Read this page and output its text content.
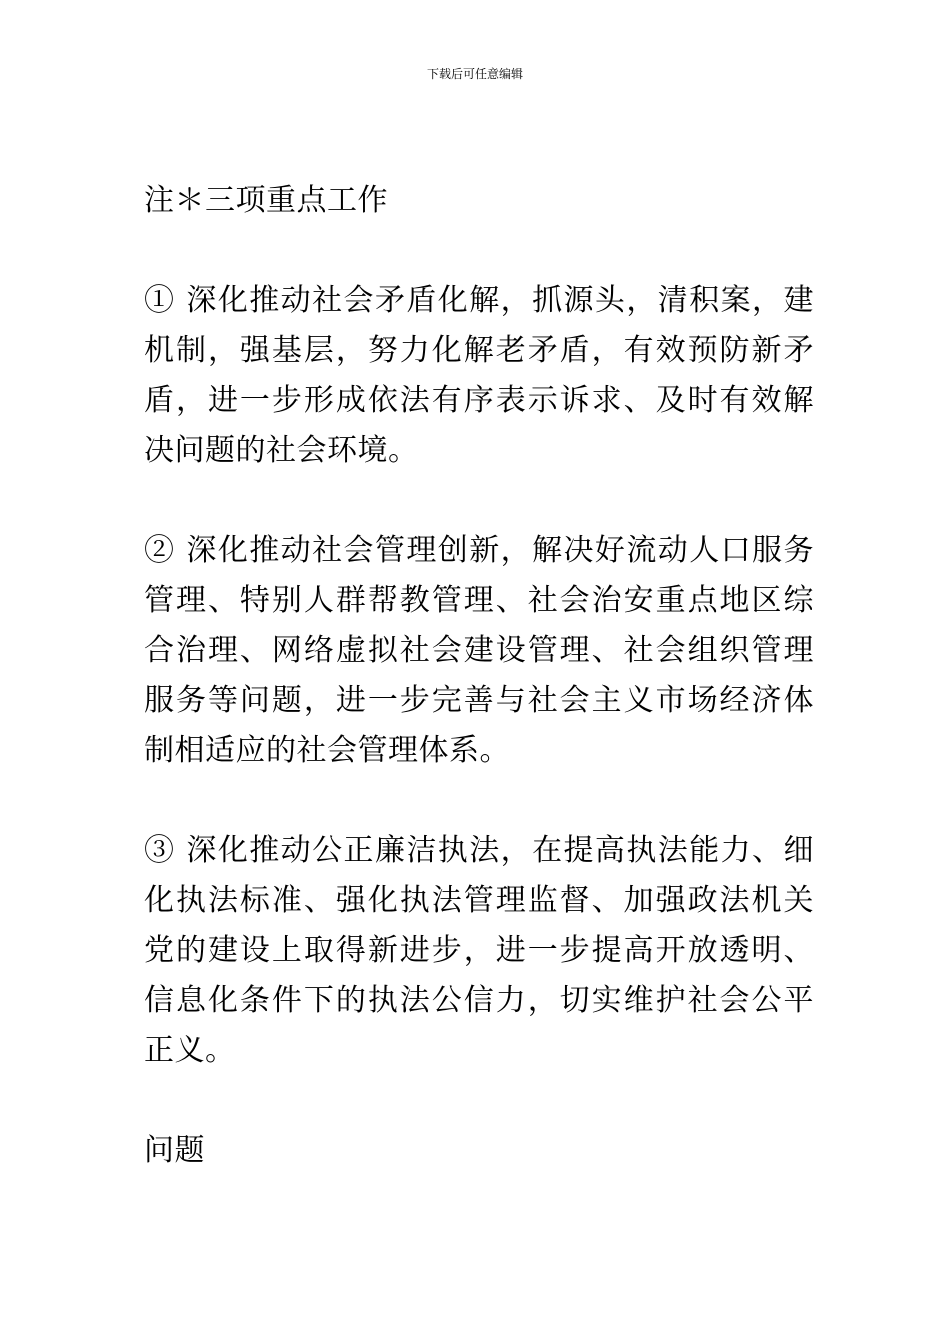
下载后可任意编辑

注＊三项重点工作

① 深化推动社会矛盾化解，抓源头，清积案，建机制，强基层，努力化解老矛盾，有效预防新矛盾，进一步形成依法有序表示诉求、及时有效解决问题的社会环境。

② 深化推动社会管理创新，解决好流动人口服务管理、特别人群帮教管理、社会治安重点地区综合治理、网络虚拟社会建设管理、社会组织管理服务等问题，进一步完善与社会主义市场经济体制相适应的社会管理体系。

③ 深化推动公正廉洁执法，在提高执法能力、细化执法标准、强化执法管理监督、加强政法机关党的建设上取得新进步，进一步提高开放透明、信息化条件下的执法公信力，切实维护社会公平正义。

问题
